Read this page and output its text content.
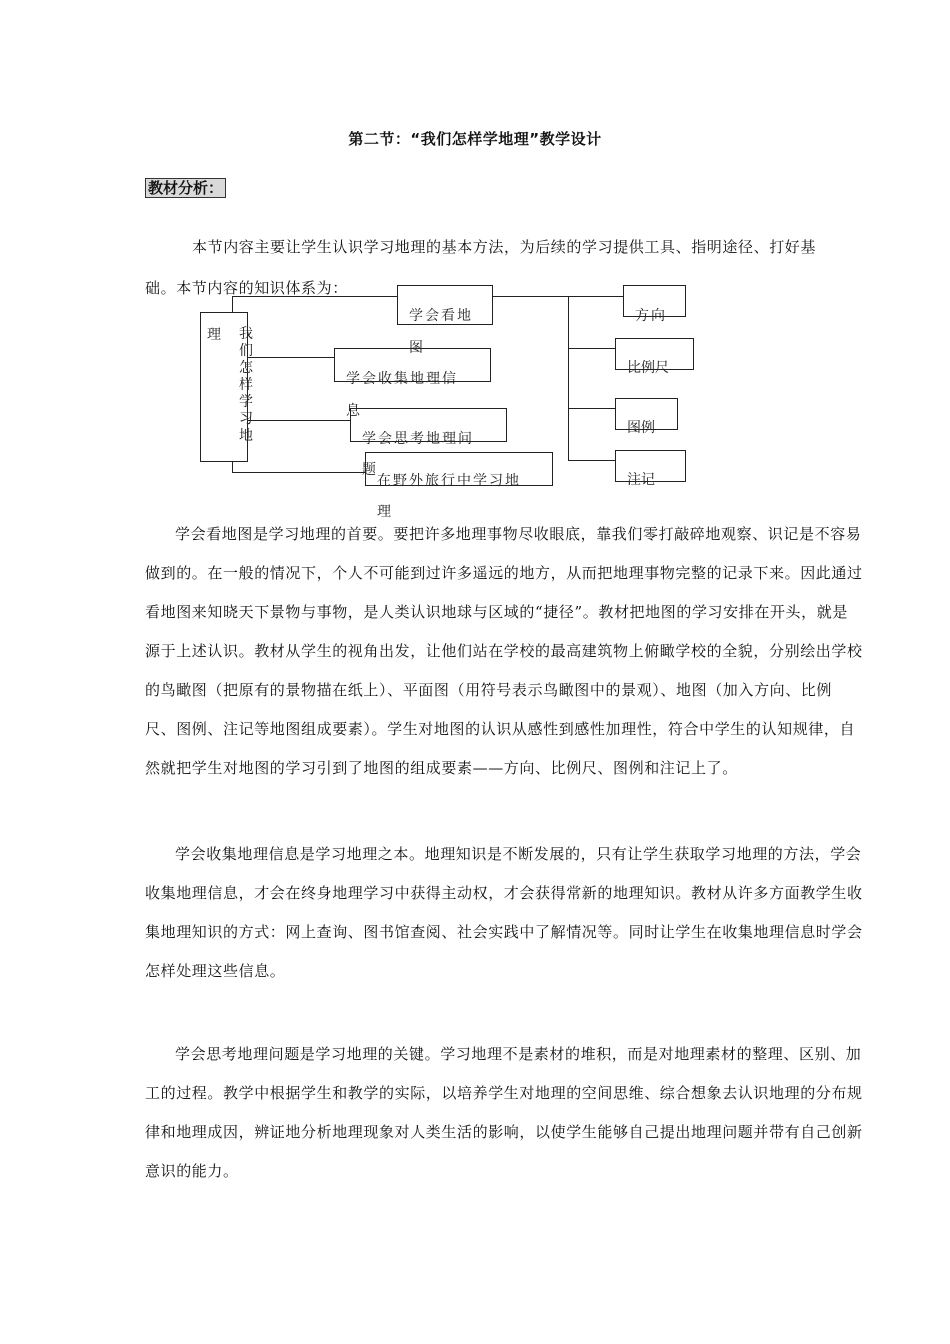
第二节：“我们怎样学地理”教学设计
教材分析：
本节内容主要让学生认识学习地理的基本方法，为后续的学习提供工具、指明途径、打好基
础。本节内容的知识体系为：
理 我们怎样学习地
学会看地
图
学会收集地理信
息
学会思考地理问
题
在野外旅行中学习地
理
方向
比例尺
图例
注记

学会看地图是学习地理的首要。要把许多地理事物尽收眼底，靠我们零打敲碎地观察、识记是不容易做到的。在一般的情况下，个人不可能到过许多遥远的地方，从而把地理事物完整的记录下来。因此通过看地图来知晓天下景物与事物，是人类认识地球与区域的“捷径”。教材把地图的学习安排在开头，就是源于上述认识。教材从学生的视角出发，让他们站在学校的最高建筑物上俯瞰学校的全貌，分别绘出学校的鸟瞰图（把原有的景物描在纸上）、平面图（用符号表示鸟瞰图中的景观）、地图（加入方向、比例尺、图例、注记等地图组成要素）。学生对地图的认识从感性到感性加理性，符合中学生的认知规律，自然就把学生对地图的学习引到了地图的组成要素——方向、比例尺、图例和注记上了。

学会收集地理信息是学习地理之本。地理知识是不断发展的，只有让学生获取学习地理的方法，学会收集地理信息，才会在终身地理学习中获得主动权，才会获得常新的地理知识。教材从许多方面教学生收集地理知识的方式：网上查询、图书馆查阅、社会实践中了解情况等。同时让学生在收集地理信息时学会怎样处理这些信息。

学会思考地理问题是学习地理的关键。学习地理不是素材的堆积，而是对地理素材的整理、区别、加工的过程。教学中根据学生和教学的实际，以培养学生对地理的空间思维、综合想象去认识地理的分布规律和地理成因，辨证地分析地理现象对人类生活的影响，以使学生能够自己提出地理问题并带有自己创新意识的能力。
